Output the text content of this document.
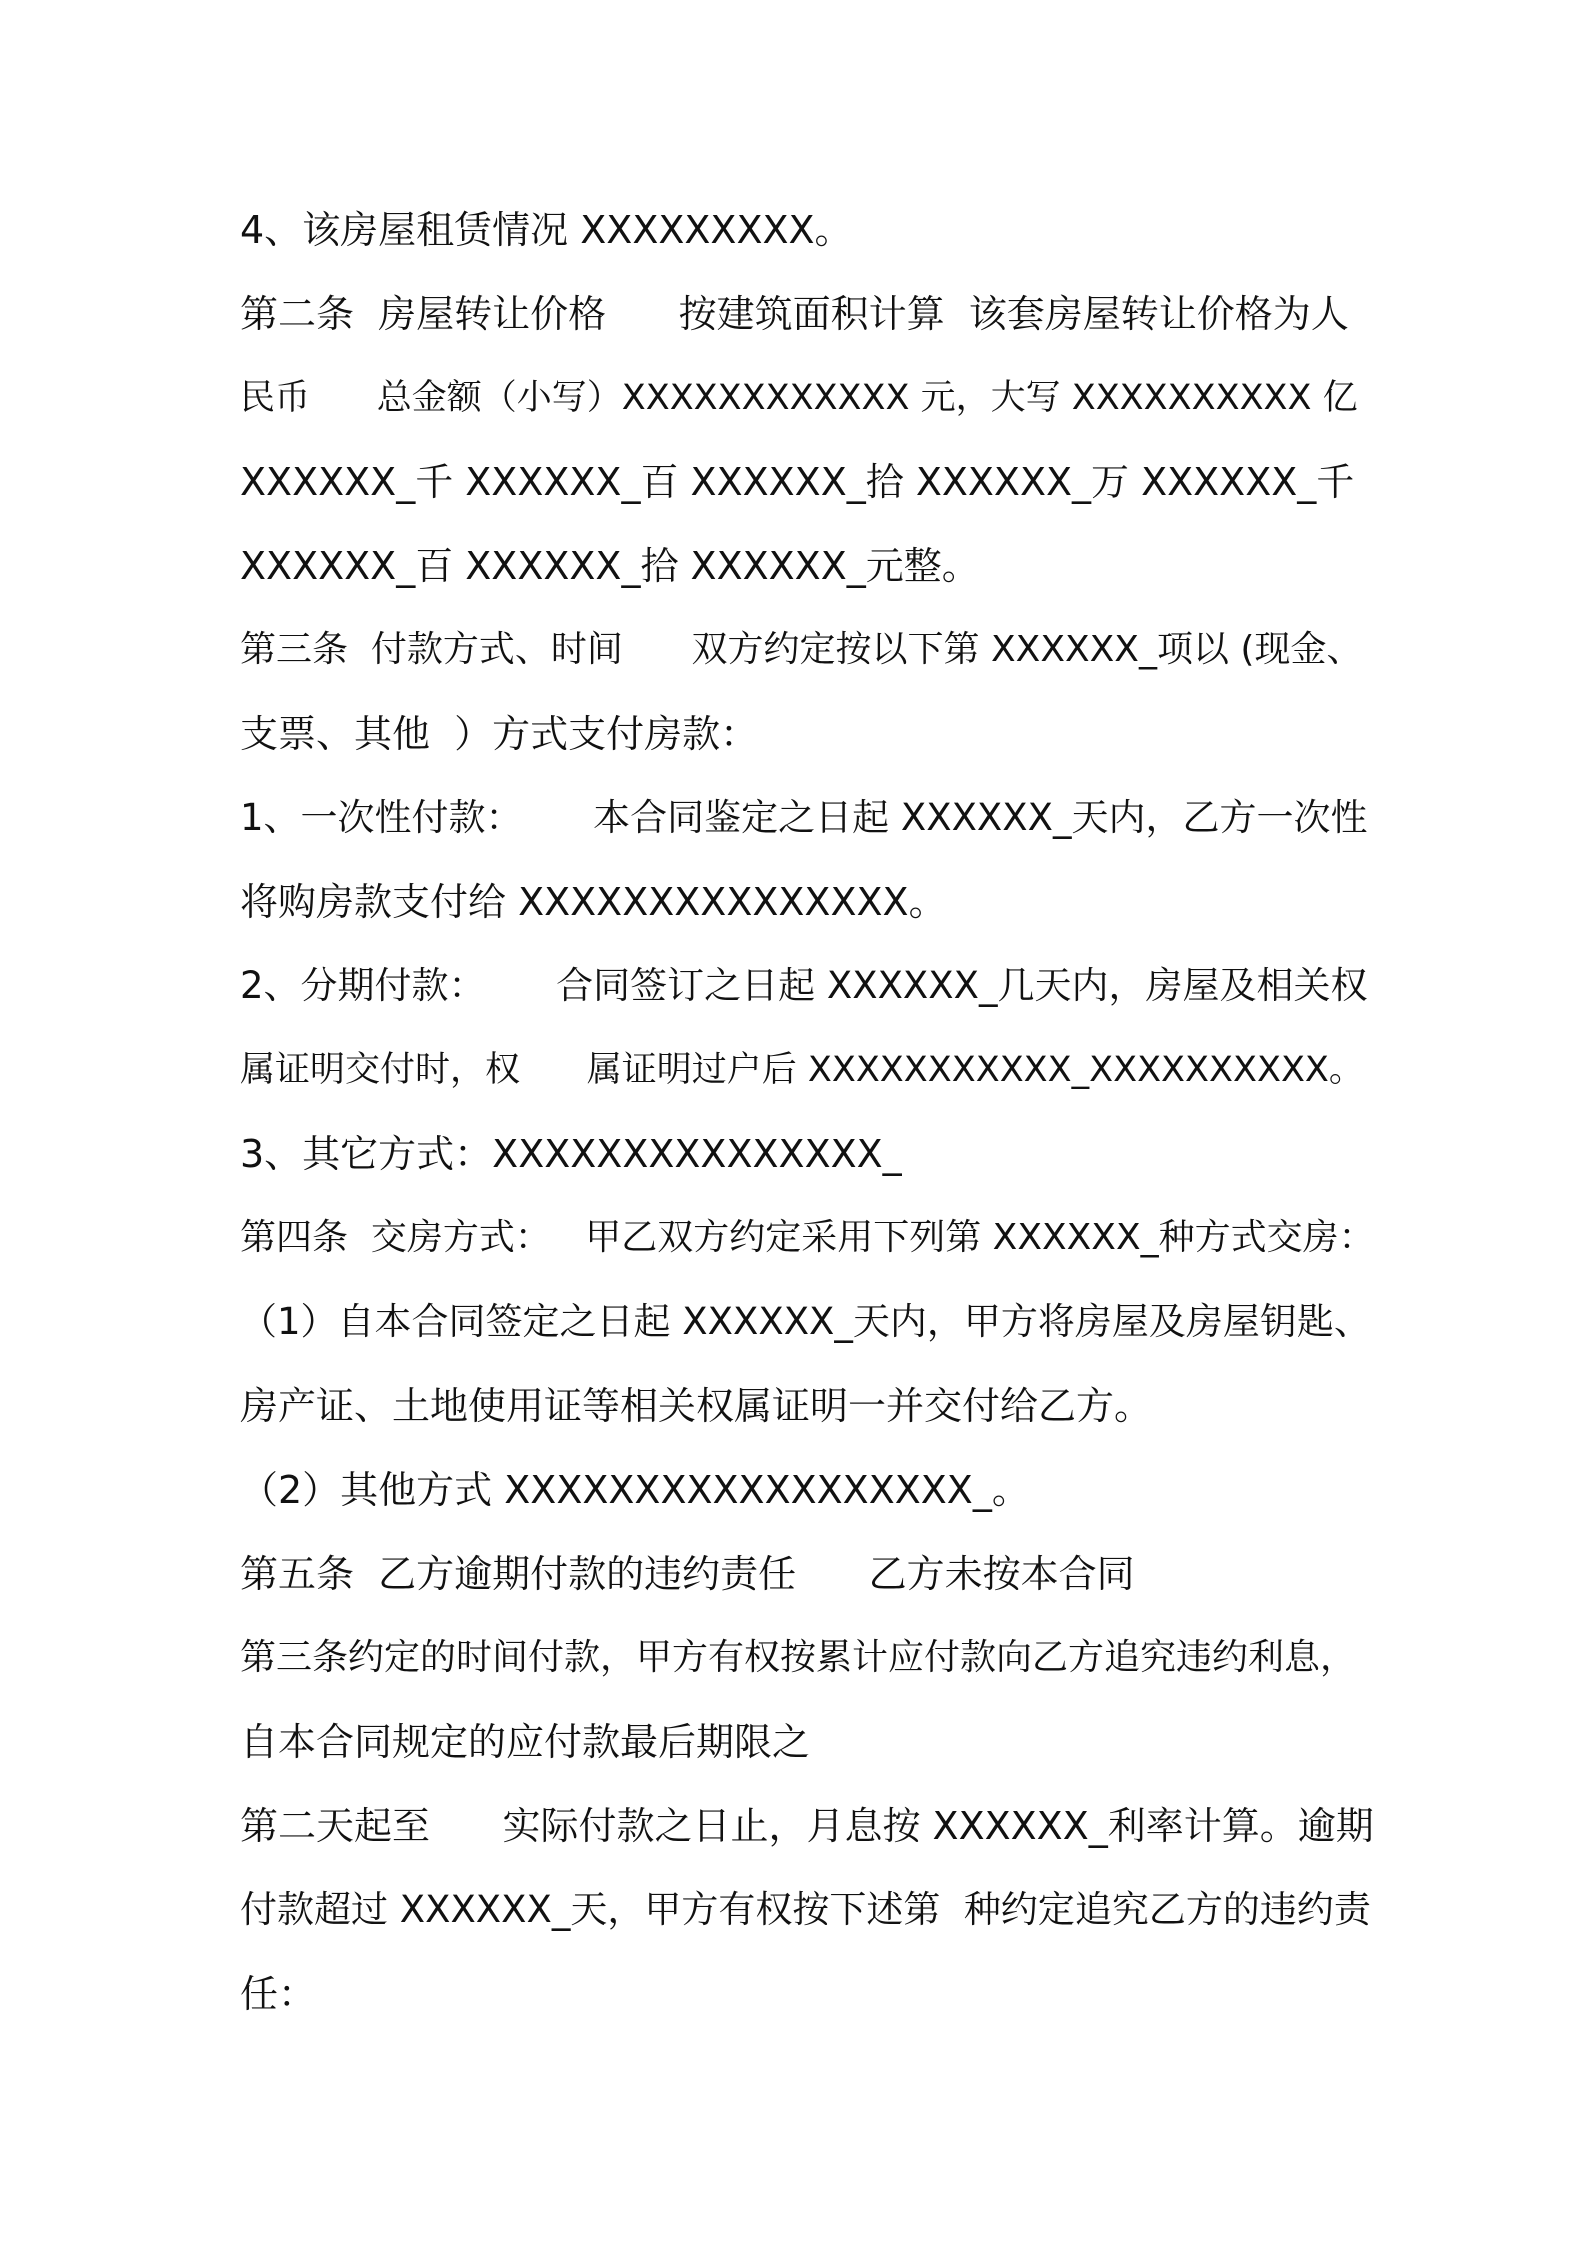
4、该房屋租赁情况 XXXXXXXXX。
第二条  房屋转让价格      按建筑面积计算  该套房屋转让价格为人
民币      总金额（小写）XXXXXXXXXXXX 元，大写 XXXXXXXXXX 亿
XXXXXX_千 XXXXXX_百 XXXXXX_拾 XXXXXX_万 XXXXXX_千
XXXXXX_百 XXXXXX_拾 XXXXXX_元整。
第三条  付款方式、时间      双方约定按以下第 XXXXXX_项以 (现金、
支票、其他  ）方式支付房款：
1、一次性付款：      本合同鉴定之日起 XXXXXX_天内，乙方一次性
将购房款支付给 XXXXXXXXXXXXXXX。
2、分期付款：      合同签订之日起 XXXXXX_几天内，房屋及相关权
属证明交付时，权      属证明过户后 XXXXXXXXXXX_XXXXXXXXXX。
3、其它方式：XXXXXXXXXXXXXXX_
第四条  交房方式：   甲乙双方约定采用下列第 XXXXXX_种方式交房：
（1）自本合同签定之日起 XXXXXX_天内，甲方将房屋及房屋钥匙、
房产证、土地使用证等相关权属证明一并交付给乙方。
（2）其他方式 XXXXXXXXXXXXXXXXXX_。
第五条  乙方逾期付款的违约责任      乙方未按本合同
第三条约定的时间付款，甲方有权按累计应付款向乙方追究违约利息，
自本合同规定的应付款最后期限之
第二天起至      实际付款之日止，月息按 XXXXXX_利率计算。逾期
付款超过 XXXXXX_天，甲方有权按下述第  种约定追究乙方的违约责
任：
